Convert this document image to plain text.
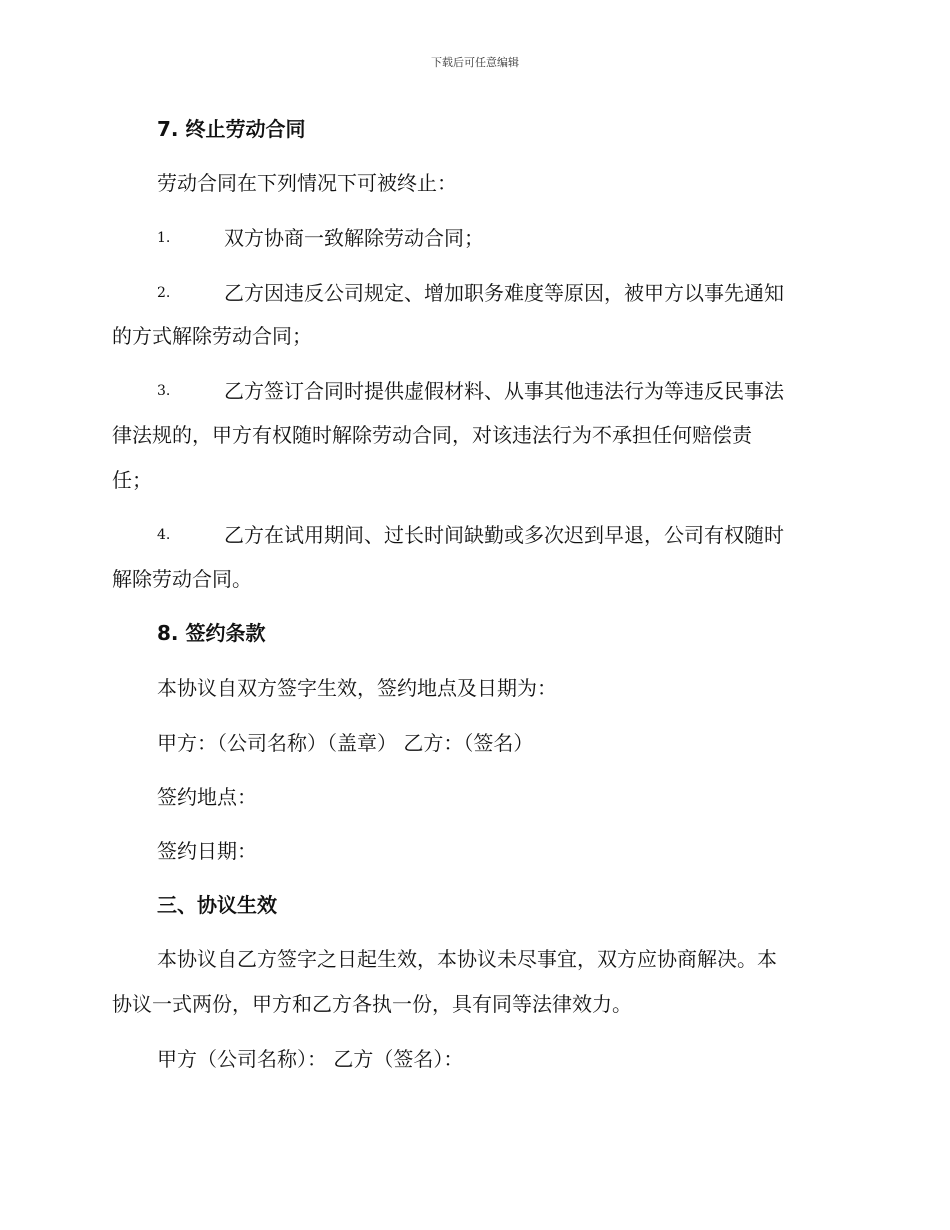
下载后可任意编辑
7. 终止劳动合同
劳动合同在下列情况下可被终止：
1.	双方协商一致解除劳动合同；
2.	乙方因违反公司规定、增加职务难度等原因，被甲方以事先通知
的方式解除劳动合同；
3.	乙方签订合同时提供虚假材料、从事其他违法行为等违反民事法
律法规的，甲方有权随时解除劳动合同，对该违法行为不承担任何赔偿责
任；
4.	乙方在试用期间、过长时间缺勤或多次迟到早退，公司有权随时
解除劳动合同。
8. 签约条款
本协议自双方签字生效，签约地点及日期为：
甲方：（公司名称）（盖章） 乙方：（签名）
签约地点：
签约日期：
三、协议生效
本协议自乙方签字之日起生效，本协议未尽事宜，双方应协商解决。本
协议一式两份，甲方和乙方各执一份，具有同等法律效力。
甲方（公司名称）： 乙方（签名）：
